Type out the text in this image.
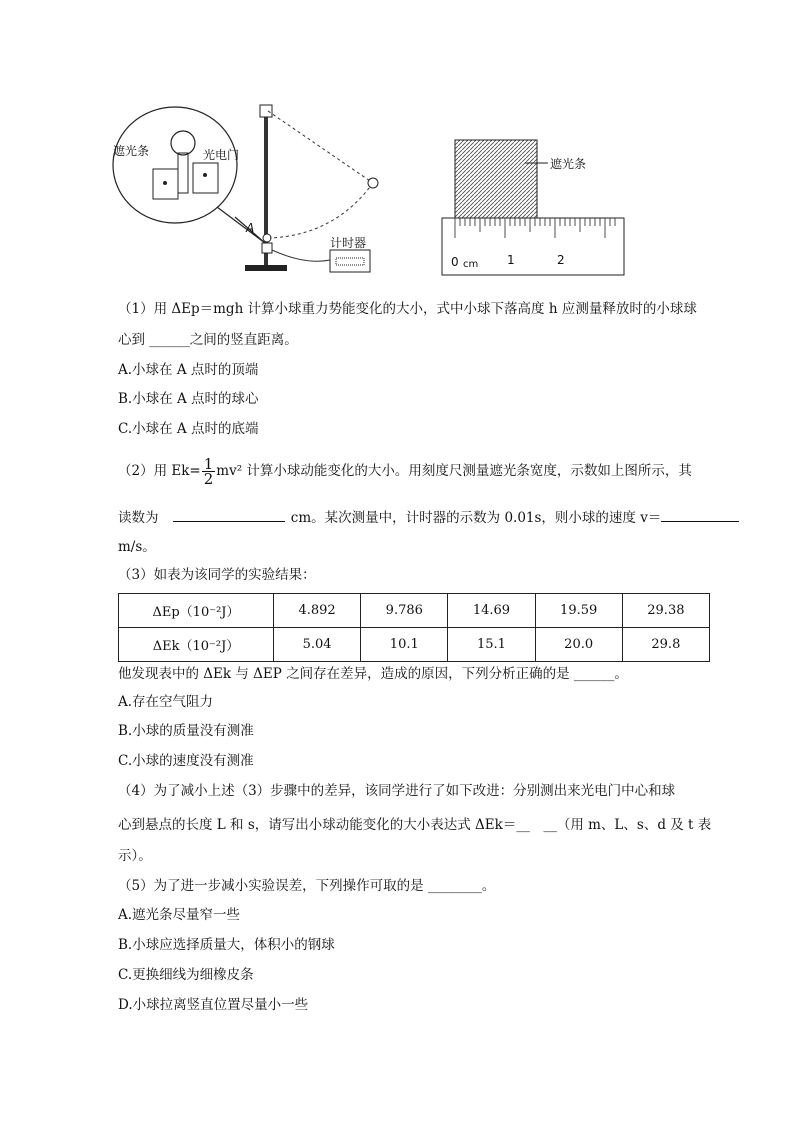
遮光条	光电门
A
计时器
遮光条
0 cm 1	2
（1）用 ΔEp＝mgh 计算小球重力势能变化的大小，式中小球下落高度 h 应测量释放时的小球球
心到 ______之间的竖直距离。
A.小球在 A 点时的顶端
B.小球在 A 点时的球心
C.小球在 A 点时的底端
（2）用 $Ek= \frac{1}{2} mv^2$ 计算小球动能变化的大小。用刻度尺测量遮光条宽度，示数如上图所示，其
读数为	cm。某次测量中，计时器的示数为 0.01s，则小球的速度 v＝
m/s。
（3）如表为该同学的实验结果：
ΔEp（10⁻²J）	4.892	9.786	14.69	19.59	29.38
ΔEk（10⁻²J）	5.04	10.1	15.1	20.0	29.8
他发现表中的 ΔEk 与 ΔEP 之间存在差异，造成的原因，下列分析正确的是 ______。
A.存在空气阻力
B.小球的质量没有测准
C.小球的速度没有测准
（4）为了减小上述（3）步骤中的差异，该同学进行了如下改进：分别测出来光电门中心和球
心到悬点的长度 L 和 s，请写出小球动能变化的大小表达式 ΔEk＝__　__（用 m、L、s、d 及 t 表
示）。
（5）为了进一步减小实验误差，下列操作可取的是 ________。
A.遮光条尽量窄一些
B.小球应选择质量大，体积小的钢球
C.更换细线为细橡皮条
D.小球拉离竖直位置尽量小一些
